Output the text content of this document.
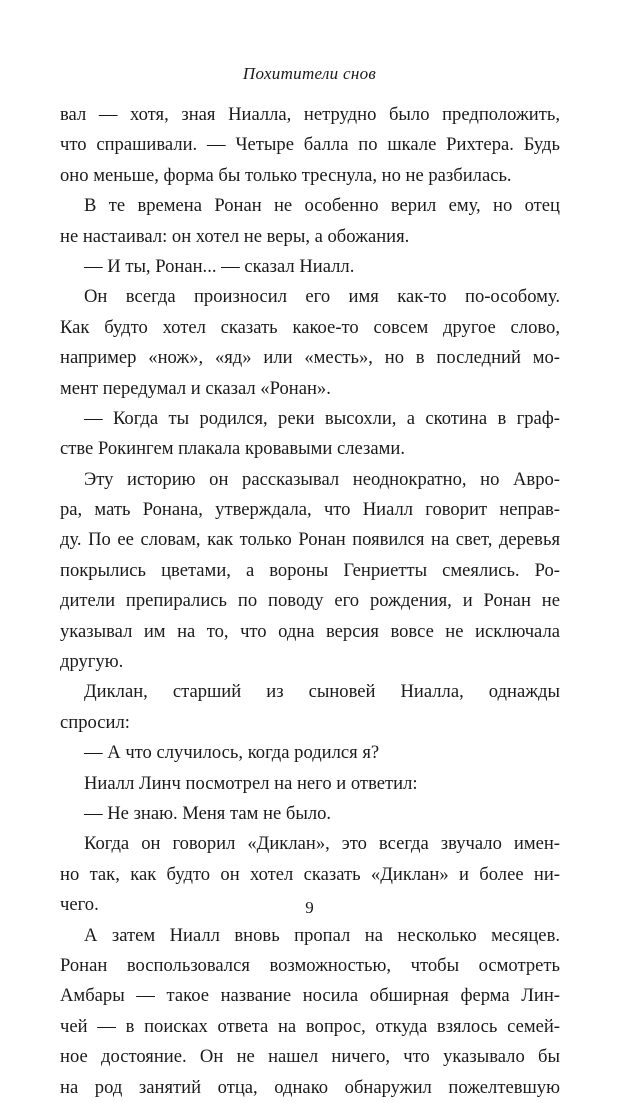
Похитители снов
вал — хотя, зная Ниалла, нетрудно было предположить,
что спрашивали. — Четыре балла по шкале Рихтера. Будь
оно меньше, форма бы только треснула, но не разбилась.
В те времена Ронан не особенно верил ему, но отец
не настаивал: он хотел не веры, а обожания.
— И ты, Ронан... — сказал Ниалл.
Он всегда произносил его имя как-то по-особому.
Как будто хотел сказать какое-то совсем другое слово,
например «нож», «яд» или «месть», но в последний мо-
мент передумал и сказал «Ронан».
— Когда ты родился, реки высохли, а скотина в граф-
стве Рокингем плакала кровавыми слезами.
Эту историю он рассказывал неоднократно, но Авро-
ра, мать Ронана, утверждала, что Ниалл говорит неправ-
ду. По ее словам, как только Ронан появился на свет, деревья
покрылись цветами, а вороны Генриетты смеялись. Ро-
дители препирались по поводу его рождения, и Ронан не
указывал им на то, что одна версия вовсе не исключала
другую.
Диклан, старший из сыновей Ниалла, однажды
спросил:
— А что случилось, когда родился я?
Ниалл Линч посмотрел на него и ответил:
— Не знаю. Меня там не было.
Когда он говорил «Диклан», это всегда звучало имен-
но так, как будто он хотел сказать «Диклан» и более ни-
чего.
А затем Ниалл вновь пропал на несколько месяцев.
Ронан воспользовался возможностью, чтобы осмотреть
Амбары — такое название носила обширная ферма Лин-
чей — в поисках ответа на вопрос, откуда взялось семей-
ное достояние. Он не нашел ничего, что указывало бы
на род занятий отца, однако обнаружил пожелтевшую
9
